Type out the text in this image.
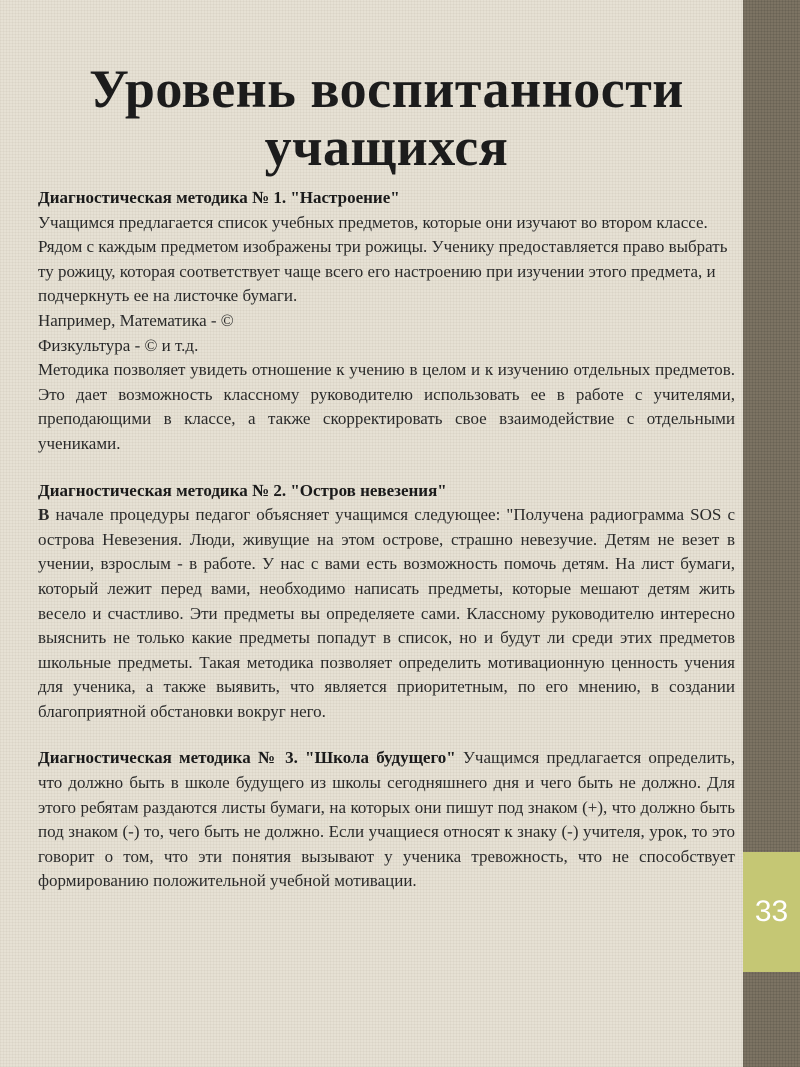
33
Уровень воспитанности
учащихся

Диагностическая методика № 1. "Настроение"

Учащимся предлагается список учебных предметов, которые они изучают во втором классе. Рядом с каждым предметом изображены три рожицы. Ученику предоставляется право выбрать ту рожицу, которая соответствует чаще всего его настроению при изучении этого предмета, и подчеркнуть ее на листочке бумаги.

Например, Математика - ©

Физкультура - © и т.д.

Методика позволяет увидеть отношение к учению в целом и к изучению отдельных предметов. Это дает возможность классному руководителю использовать ее в работе с учителями, преподающими в классе, а также скорректировать свое взаимодействие с отдельными учениками.

Диагностическая методика № 2. "Остров невезения"

В начале процедуры педагог объясняет учащимся следующее: "Получена радиограмма SOS с острова Невезения. Люди, живущие на этом острове, страшно невезучие. Детям не везет в учении, взрослым - в работе. У нас с вами есть возможность помочь детям. На лист бумаги, который лежит перед вами, необходимо написать предметы, которые мешают детям жить весело и счастливо. Эти предметы вы определяете сами. Классному руководителю интересно выяснить не только какие предметы попадут в список, но и будут ли среди этих предметов школьные предметы. Такая методика позволяет определить мотивационную ценность учения для ученика, а также выявить, что является приоритетным, по его мнению, в создании благоприятной обстановки вокруг него.

Диагностическая методика № 3. "Школа будущего" Учащимся предлагается определить, что должно быть в школе будущего из школы сегодняшнего дня и чего быть не должно. Для этого ребятам раздаются листы бумаги, на которых они пишут под знаком (+), что должно быть под знаком (-) то, чего быть не должно. Если учащиеся относят к знаку (-) учителя, урок, то это говорит о том, что эти понятия вызывают у ученика тревожность, что не способствует формированию положительной учебной мотивации.
